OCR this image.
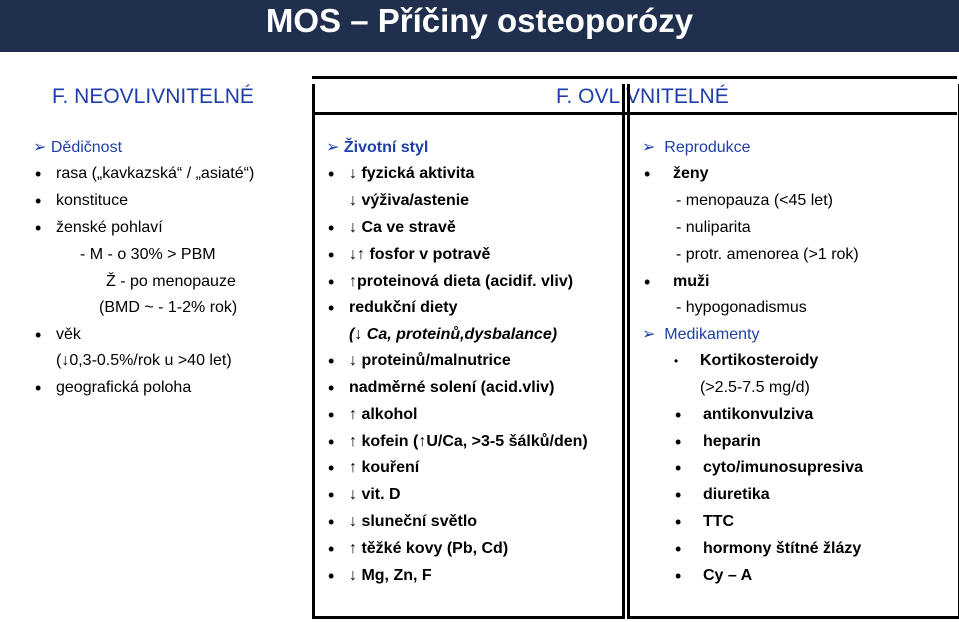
MOS – Příčiny osteoporózy
F. NEOVLIVNITELNÉ	F. OVLIVNITELNÉ
➢ Dědičnost
• rasa („kavkazská“ / „asiaté“)
• konstituce
• ženské pohlaví
- M - o 30% > PBM
Ž - po menopauze
(BMD ~ - 1-2% rok)
• věk
(↓0,3-0.5%/rok u >40 let)
• geografická poloha
➢ Životní styl
• ↓ fyzická aktivita
↓ výživa/astenie
• ↓ Ca ve stravě
• ↓↑ fosfor v potravě
• ↑proteinová dieta (acidif. vliv)
• redukční diety
(↓ Ca, proteinů,dysbalance)
• ↓ proteinů/malnutrice
• nadměrné solení (acid.vliv)
• ↑ alkohol
• ↑ kofein (↑U/Ca, >3-5 šálků/den)
• ↑ kouření
• ↓ vit. D
• ↓ sluneční světlo
• ↑ těžké kovy (Pb, Cd)
• ↓ Mg, Zn, F
➢ Reprodukce
• ženy
- menopauza (<45 let)
- nuliparita
- protr. amenorea (>1 rok)
• muži
- hypogonadismus
➢ Medikamenty
• Kortikosteroidy
(>2.5-7.5 mg/d)
• antikonvulziva
• heparin
• cyto/imunosupresiva
• diuretika
• TTC
• hormony štítné žlázy
• Cy – A
